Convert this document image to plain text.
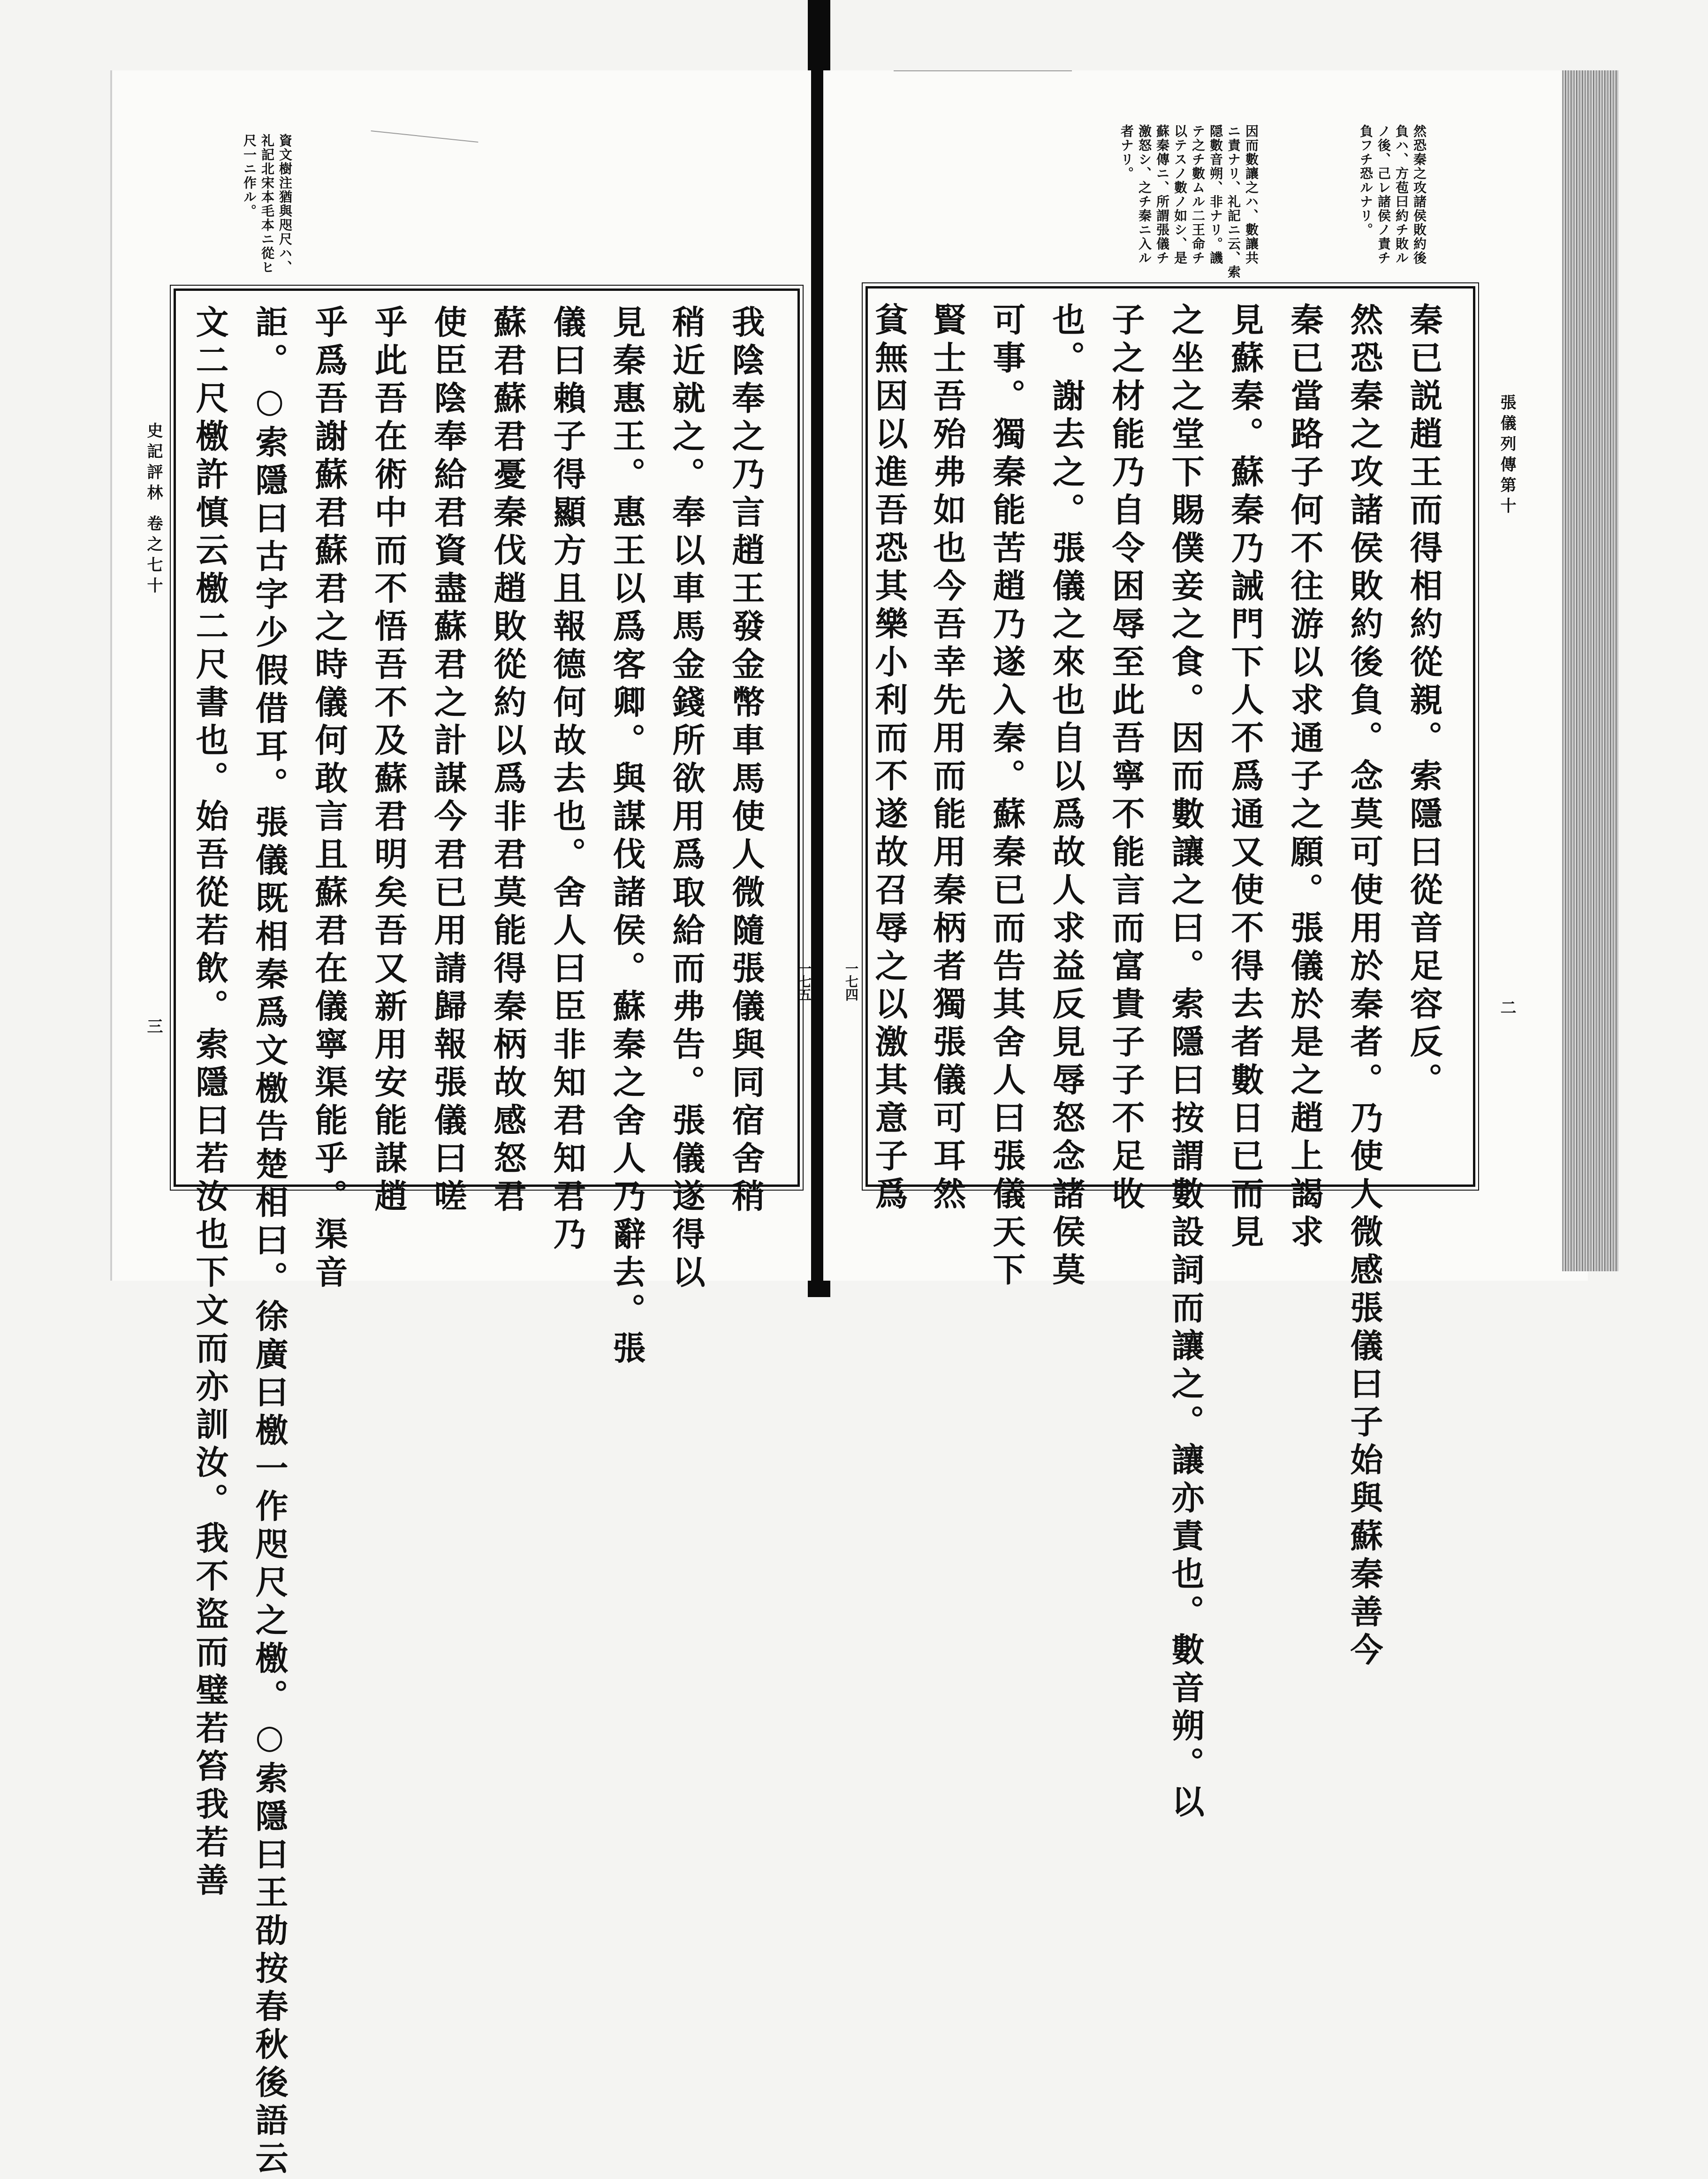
張儀列傳第十
二
一七四
然恐秦之攻諸侯敗約後
負ハ、方苞曰約チ敗ル
ノ後、己レ諸侯ノ責チ
負フチ恐ルナリ。
因而數讓之ハ、數讓共
ニ責ナリ、礼記ニ云、索
隠數音朔、非ナリ。譏
テ之チ數ムル二王命チ
以テスノ數ノ如シ、是
蘇秦傳ニ、所謂張儀チ
激怒シ、之チ秦ニ入ル
者ナリ。
秦已説趙王而得相約從親。索隱曰從音足容反。
然恐秦之攻諸侯敗約後負。念莫可使用於秦者。乃使人微感張儀曰子始與蘇秦善今
秦已當路子何不往游以求通子之願。張儀於是之趙上謁求
見蘇秦。蘇秦乃誡門下人不爲通又使不得去者數日已而見
之坐之堂下賜僕妾之食。因而數讓之曰。索隱曰按謂數設詞而讓之。讓亦責也。數音朔。以
子之材能乃自令困辱至此吾寧不能言而富貴子子不足收
也。謝去之。張儀之來也自以爲故人求益反見辱怒念諸侯莫
可事。獨秦能苦趙乃遂入秦。蘇秦已而告其舍人曰張儀天下
賢士吾殆弗如也今吾幸先用而能用秦柄者獨張儀可耳然
貧無因以進吾恐其樂小利而不遂故召辱之以激其意子爲
史記評林 卷之七十
三
一七五
資文樹注猶與咫尺ハ、
礼記北宋本毛本ニ從ヒ
尺一ニ作ル。
我陰奉之乃言趙王發金幣車馬使人微隨張儀與同宿舍稍
稍近就之。奉以車馬金錢所欲用爲取給而弗告。張儀遂得以
見秦惠王。惠王以爲客卿。與謀伐諸侯。蘇秦之舍人乃辭去。張
儀曰賴子得顯方且報德何故去也。舍人曰臣非知君知君乃
蘇君蘇君憂秦伐趙敗從約以爲非君莫能得秦柄故感怒君
使臣陰奉給君資盡蘇君之計謀今君已用請歸報張儀曰嗟
乎此吾在術中而不悟吾不及蘇君明矣吾又新用安能謀趙
乎爲吾謝蘇君蘇君之時儀何敢言且蘇君在儀寧渠能乎。渠音
詎。○索隱曰古字少假借耳。張儀既相秦爲文檄告楚相曰。徐廣曰檄一作咫尺之檄。○索隱曰王劭按春秋後語云
文二尺檄許慎云檄二尺書也。始吾從若飲。索隱曰若汝也下文而亦訓汝。我不盜而璧若笞我若善
